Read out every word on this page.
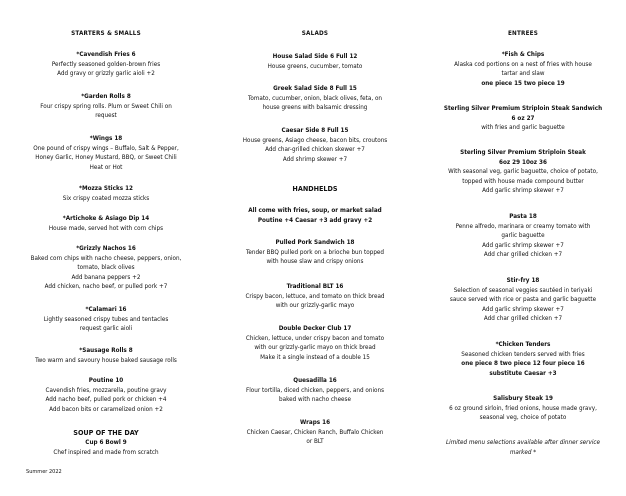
STARTERS & SMALLS
*Cavendish Fries 6
Perfectly seasoned golden-brown fries
Add gravy or grizzly garlic aioli +2
*Garden Rolls 8
Four crispy spring rolls. Plum or Sweet Chili on
request
*Wings 18
One pound of crispy wings – Buffalo, Salt & Pepper,
Honey Garlic, Honey Mustard, BBQ, or Sweet Chili
Heat or Hot
*Mozza Sticks 12
Six crispy coated mozza sticks
*Artichoke & Asiago Dip 14
House made, served hot with corn chips
*Grizzly Nachos 16
Baked corn chips with nacho cheese, peppers, onion,
tomato, black olives
Add banana peppers +2
Add chicken, nacho beef, or pulled pork +7
*Calamari 16
Lightly seasoned crispy tubes and tentacles
request garlic aioli
*Sausage Rolls 8
Two warm and savoury house baked sausage rolls
Poutine 10
Cavendish fries, mozzarella, poutine gravy
Add nacho beef, pulled pork or chicken +4
Add bacon bits or caramelized onion +2
SOUP OF THE DAY
Cup 6 Bowl 9
Chef inspired and made from scratch
SALADS
House Salad Side 6 Full 12
House greens, cucumber, tomato
Greek Salad Side 8 Full 15
Tomato, cucumber, onion, black olives, feta, on
house greens with balsamic dressing
Caesar Side 8 Full 15
House greens, Asiago cheese, bacon bits, croutons
Add char-grilled chicken skewer +7
Add shrimp skewer +7
HANDHELDS
All come with fries, soup, or market salad
Poutine +4 Caesar +3 add gravy +2
Pulled Pork Sandwich 18
Tender BBQ pulled pork on a brioche bun topped
with house slaw and crispy onions
Traditional BLT 16
Crispy bacon, lettuce, and tomato on thick bread
with our grizzly-garlic mayo
Double Decker Club 17
Chicken, lettuce, under crispy bacon and tomato
with our grizzly-garlic mayo on thick bread
Make it a single instead of a double 15
Quesadilla 16
Flour tortilla, diced chicken, peppers, and onions
baked with nacho cheese
Wraps 16
Chicken Caesar, Chicken Ranch, Buffalo Chicken
or BLT
ENTREES
*Fish & Chips
Alaska cod portions on a nest of fries with house
tartar and slaw
one piece 15 two piece 19
Sterling Silver Premium Striploin Steak Sandwich
6 oz 27
with fries and garlic baguette
Sterling Silver Premium Striploin Steak
6oz 29 10oz 36
With seasonal veg, garlic baguette, choice of potato,
topped with house made compound butter
Add garlic shrimp skewer +7
Pasta 18
Penne alfredo, marinara or creamy tomato with
garlic baguette
Add garlic shrimp skewer +7
Add char grilled chicken +7
Stir-fry 18
Selection of seasonal veggies sautéed in teriyaki
sauce served with rice or pasta and garlic baguette
Add garlic shrimp skewer +7
Add char grilled chicken +7
*Chicken Tenders
Seasoned chicken tenders served with fries
one piece 8 two piece 12 four piece 16
substitute Caesar +3
Salisbury Steak 19
6 oz ground sirloin, fried onions, house made gravy,
seasonal veg, choice of potato
Limited menu selections available after dinner service marked *
Summer 2022
